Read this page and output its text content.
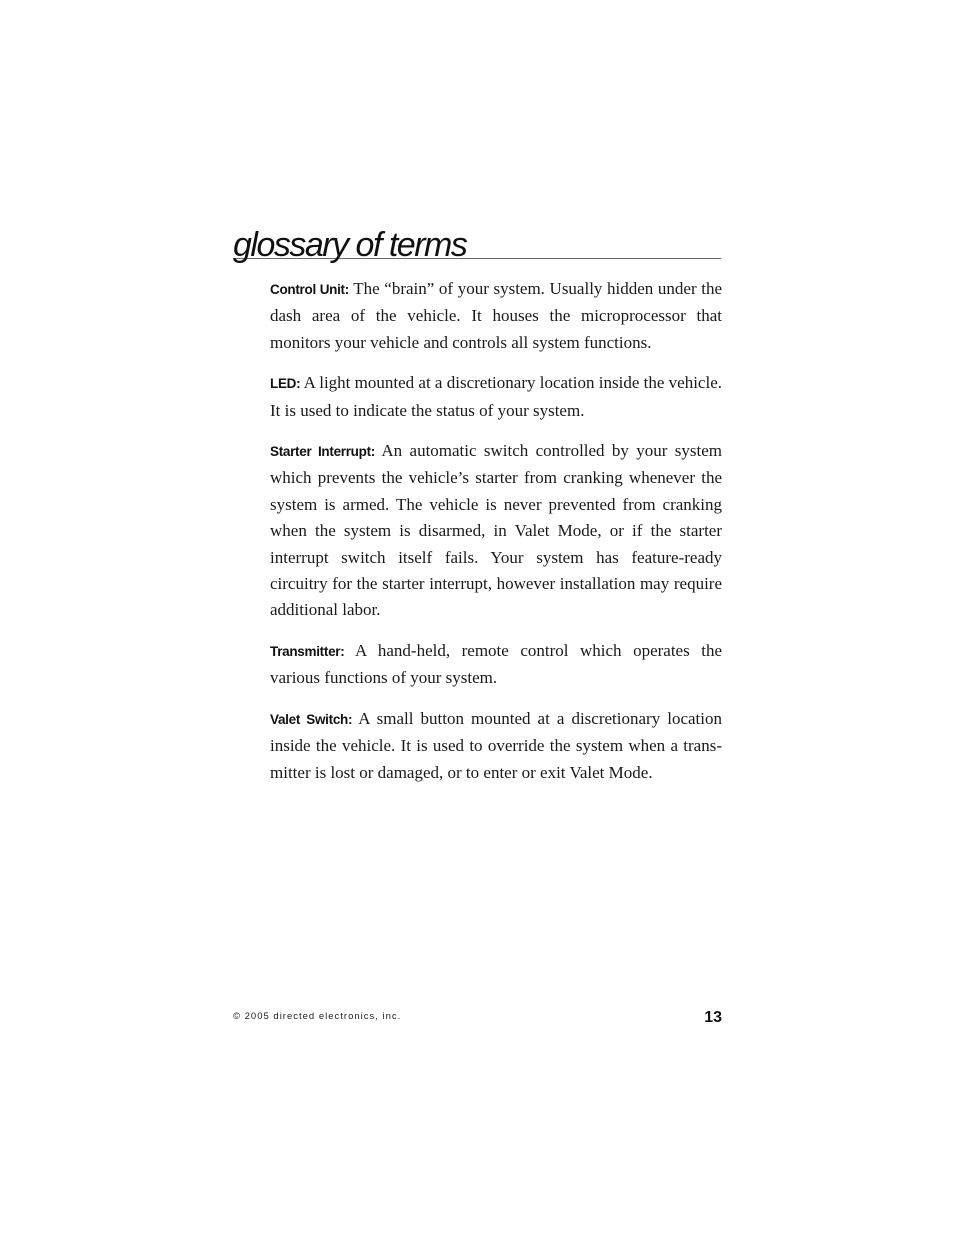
glossary of terms

Control Unit: The “brain” of your system. Usually hidden under the dash area of the vehicle. It houses the microprocessor that monitors your vehicle and controls all system functions.

LED: A light mounted at a discretionary location inside the vehicle. It is used to indicate the status of your system.

Starter Interrupt: An automatic switch controlled by your system which prevents the vehicle’s starter from cranking whenever the system is armed. The vehicle is never prevented from cranking when the system is disarmed, in Valet Mode, or if the starter interrupt switch itself fails. Your system has feature-ready circuitry for the starter interrupt, however installation may require additional labor.

Transmitter: A hand-held, remote control which operates the various functions of your system.

Valet Switch: A small button mounted at a discretionary location inside the vehicle. It is used to override the system when a transmitter is lost or damaged, or to enter or exit Valet Mode.

© 2005 directed electronics, inc.	13
